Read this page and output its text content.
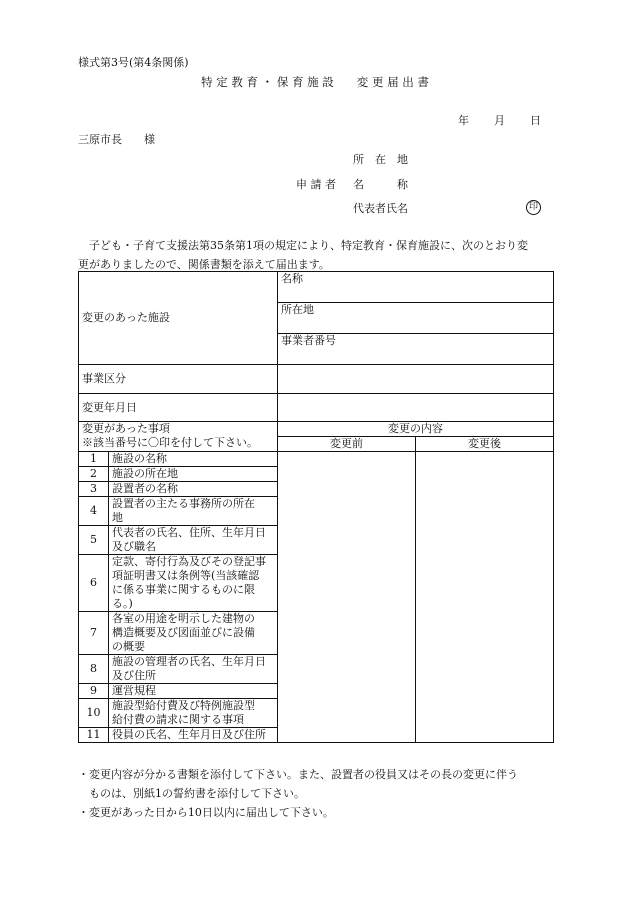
様式第3号(第4条関係)
特 定 教 育 ・ 保 育 施 設　　変 更 届 出 書
年 月 日
三原市長　　様
所　在　地
申 請 者 名　　　称
代表者氏名	印
　子ども・子育て支援法第35条第1項の規定により、特定教育・保育施設に、次のとおり変
更がありましたので、関係書類を添えて届出ます。
変更のあった施設		名称	
		所在地	
		事業者番号	
事業区分			
変更年月日			

変更があった事項
※該当番号に〇印を付して下さい。		変更の内容	
		変更前	変更後
1	施設の名称		

2	施設の所在地		

3	設置者の名称		

4	設置者の主たる事務所の所在
地		

5	代表者の氏名、住所、生年月日
及び職名		

6	定款、寄付行為及びその登記事
項証明書又は条例等(当該確認
に係る事業に関するものに限
る。)		

7	各室の用途を明示した建物の
構造概要及び図面並びに設備
の概要		

8	施設の管理者の氏名、生年月日
及び住所		

9	運営規程		

10	施設型給付費及び特例施設型
給付費の請求に関する事項		

11	役員の氏名、生年月日及び住所		
・変更内容が分かる書類を添付して下さい。また、設置者の役員又はその長の変更に伴う
　ものは、別紙1の誓約書を添付して下さい。
・変更があった日から10日以内に届出して下さい。
